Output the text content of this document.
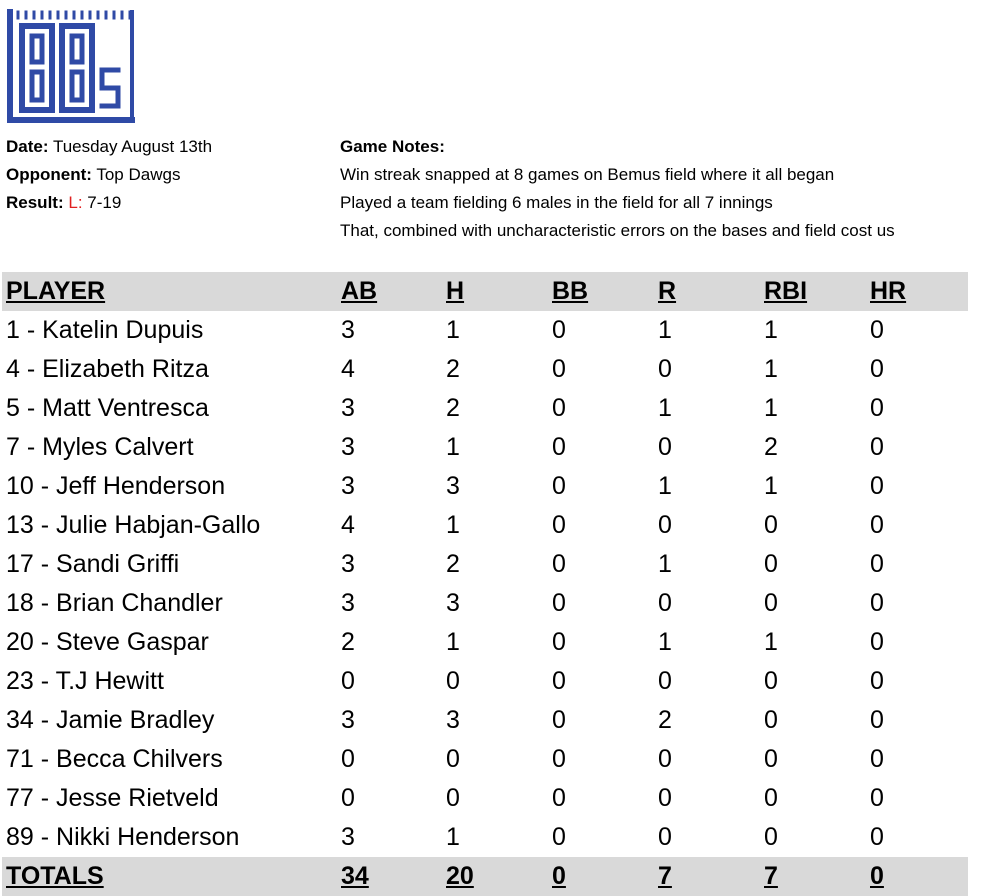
Date: Tuesday August 13th
Opponent: Top Dawgs
Result: L: 7-19
Game Notes:
Win streak snapped at 8 games on Bemus field where it all began
Played a team fielding 6 males in the field for all 7 innings
That, combined with uncharacteristic errors on the bases and field cost us
PLAYER	AB	H	BB	R	RBI	HR
1 - Katelin Dupuis	3	1	0	1	1	0
4 - Elizabeth Ritza	4	2	0	0	1	0
5 - Matt Ventresca	3	2	0	1	1	0
7 - Myles Calvert	3	1	0	0	2	0
10 - Jeff Henderson	3	3	0	1	1	0
13 - Julie Habjan-Gallo	4	1	0	0	0	0
17 - Sandi Griffi	3	2	0	1	0	0
18 - Brian Chandler	3	3	0	0	0	0
20 - Steve Gaspar	2	1	0	1	1	0
23 - T.J Hewitt	0	0	0	0	0	0
34 - Jamie Bradley	3	3	0	2	0	0
71 - Becca Chilvers	0	0	0	0	0	0
77 - Jesse Rietveld	0	0	0	0	0	0
89 - Nikki Henderson	3	1	0	0	0	0
TOTALS	34	20	0	7	7	0
